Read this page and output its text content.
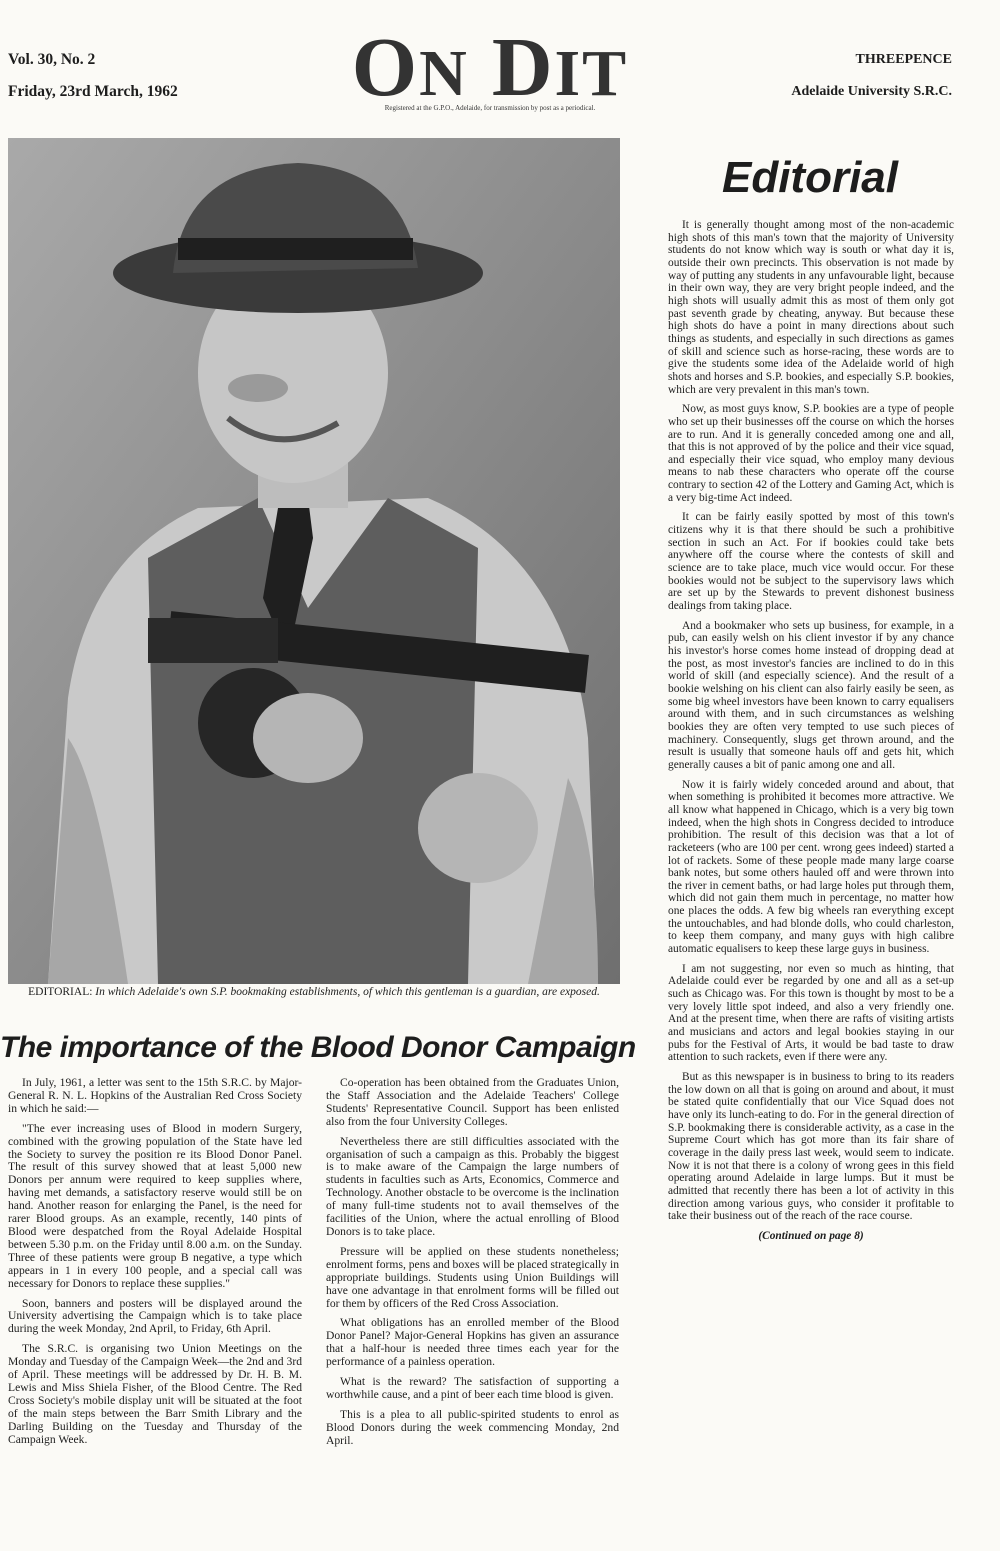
Vol. 30, No. 2
Friday, 23rd March, 1962 ON DIT
Registered at the G.P.O., Adelaide, for transmission by post as a periodical.
THREEPENCE
Adelaide University S.R.C.
EDITORIAL: In which Adelaide's own S.P. bookmaking establishments, of which this gentleman is a guardian, are exposed.
The importance of the Blood Donor Campaign

In July, 1961, a letter was sent to the 15th S.R.C. by Major-General R. N. L. Hopkins of the Australian Red Cross Society in which he said:—

"The ever increasing uses of Blood in modern Surgery, combined with the growing population of the State have led the Society to survey the position re its Blood Donor Panel. The result of this survey showed that at least 5,000 new Donors per annum were required to keep supplies where, having met demands, a satisfactory reserve would still be on hand. Another reason for enlarging the Panel, is the need for rarer Blood groups. As an example, recently, 140 pints of Blood were despatched from the Royal Adelaide Hospital between 5.30 p.m. on the Friday until 8.00 a.m. on the Sunday. Three of these patients were group B negative, a type which appears in 1 in every 100 people, and a special call was necessary for Donors to replace these supplies."

Soon, banners and posters will be displayed around the University advertising the Campaign which is to take place during the week Monday, 2nd April, to Friday, 6th April.

The S.R.C. is organising two Union Meetings on the Monday and Tuesday of the Campaign Week—the 2nd and 3rd of April. These meetings will be addressed by Dr. H. B. M. Lewis and Miss Shiela Fisher, of the Blood Centre. The Red Cross Society's mobile display unit will be situated at the foot of the main steps between the Barr Smith Library and the Darling Building on the Tuesday and Thursday of the Campaign Week.

Co-operation has been obtained from the Graduates Union, the Staff Association and the Adelaide Teachers' College Students' Representative Council. Support has been enlisted also from the four University Colleges.

Nevertheless there are still difficulties associated with the organisation of such a campaign as this. Probably the biggest is to make aware of the Campaign the large numbers of students in faculties such as Arts, Economics, Commerce and Technology. Another obstacle to be overcome is the inclination of many full-time students not to avail themselves of the facilities of the Union, where the actual enrolling of Blood Donors is to take place.

Pressure will be applied on these students nonetheless; enrolment forms, pens and boxes will be placed strategically in appropriate buildings. Students using Union Buildings will have one advantage in that enrolment forms will be filled out for them by officers of the Red Cross Association.

What obligations has an enrolled member of the Blood Donor Panel? Major-General Hopkins has given an assurance that a half-hour is needed three times each year for the performance of a painless operation.

What is the reward? The satisfaction of supporting a worthwhile cause, and a pint of beer each time blood is given.

This is a plea to all public-spirited students to enrol as Blood Donors during the week commencing Monday, 2nd April.

Editorial

It is generally thought among most of the non-academic high shots of this man's town that the majority of University students do not know which way is south or what day it is, outside their own precincts. This observation is not made by way of putting any students in any unfavourable light, because in their own way, they are very bright people indeed, and the high shots will usually admit this as most of them only got past seventh grade by cheating, anyway. But because these high shots do have a point in many directions about such things as students, and especially in such directions as games of skill and science such as horse-racing, these words are to give the students some idea of the Adelaide world of high shots and horses and S.P. bookies, and especially S.P. bookies, which are very prevalent in this man's town.

Now, as most guys know, S.P. bookies are a type of people who set up their businesses off the course on which the horses are to run. And it is generally conceded among one and all, that this is not approved of by the police and their vice squad, and especially their vice squad, who employ many devious means to nab these characters who operate off the course contrary to section 42 of the Lottery and Gaming Act, which is a very big-time Act indeed.

It can be fairly easily spotted by most of this town's citizens why it is that there should be such a prohibitive section in such an Act. For if bookies could take bets anywhere off the course where the contests of skill and science are to take place, much vice would occur. For these bookies would not be subject to the supervisory laws which are set up by the Stewards to prevent dishonest business dealings from taking place.

And a bookmaker who sets up business, for example, in a pub, can easily welsh on his client investor if by any chance his investor's horse comes home instead of dropping dead at the post, as most investor's fancies are inclined to do in this world of skill (and especially science). And the result of a bookie welshing on his client can also fairly easily be seen, as some big wheel investors have been known to carry equalisers around with them, and in such circumstances as welshing bookies they are often very tempted to use such pieces of machinery. Consequently, slugs get thrown around, and the result is usually that someone hauls off and gets hit, which generally causes a bit of panic among one and all.

Now it is fairly widely conceded around and about, that when something is prohibited it becomes more attractive. We all know what happened in Chicago, which is a very big town indeed, when the high shots in Congress decided to introduce prohibition. The result of this decision was that a lot of racketeers (who are 100 per cent. wrong gees indeed) started a lot of rackets. Some of these people made many large coarse bank notes, but some others hauled off and were thrown into the river in cement baths, or had large holes put through them, which did not gain them much in percentage, no matter how one places the odds. A few big wheels ran everything except the untouchables, and had blonde dolls, who could charleston, to keep them company, and many guys with high calibre automatic equalisers to keep these large guys in business.

I am not suggesting, nor even so much as hinting, that Adelaide could ever be regarded by one and all as a set-up such as Chicago was. For this town is thought by most to be a very lovely little spot indeed, and also a very friendly one. And at the present time, when there are rafts of visiting artists and musicians and actors and legal bookies staying in our pubs for the Festival of Arts, it would be bad taste to draw attention to such rackets, even if there were any.

But as this newspaper is in business to bring to its readers the low down on all that is going on around and about, it must be stated quite confidentially that our Vice Squad does not have only its lunch-eating to do. For in the general direction of S.P. bookmaking there is considerable activity, as a case in the Supreme Court which has got more than its fair share of coverage in the daily press last week, would seem to indicate. Now it is not that there is a colony of wrong gees in this field operating around Adelaide in large lumps. But it must be admitted that recently there has been a lot of activity in this direction among various guys, who consider it profitable to take their business out of the reach of the race course.

(Continued on page 8)
